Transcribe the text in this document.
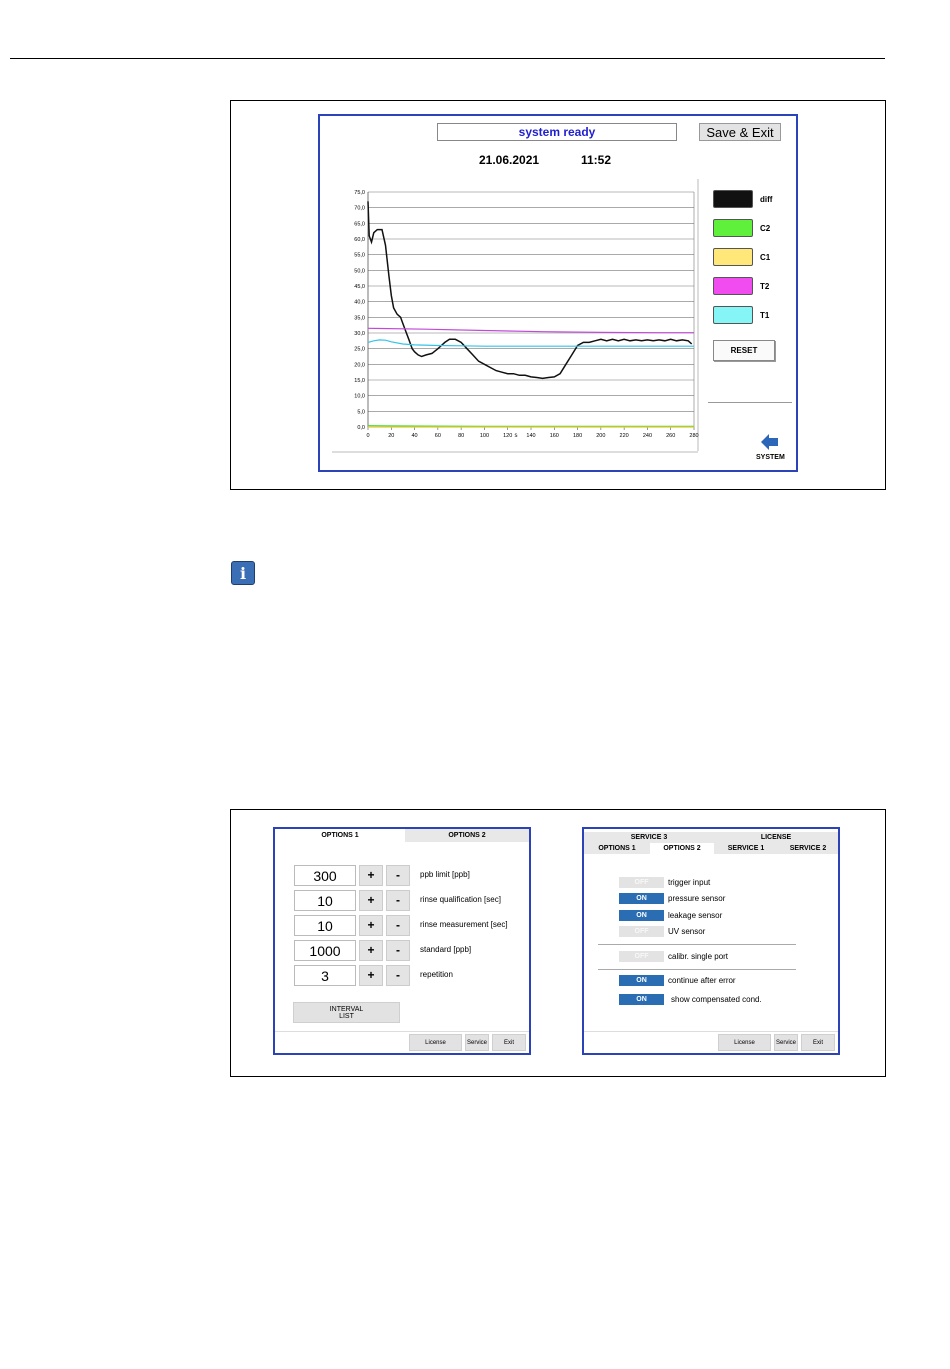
system ready	Save & Exit
21.06.2021	11:52
0,0
5,0
10,0
15,0
20,0
25,0
30,0
35,0
40,0
45,0
50,0
55,0
60,0
65,0
70,0
75,0
0	20	40	60	80	100	120	140	160	180	200	220	240	260	280
s
diff
C2
C1
T2
T1
RESET
SYSTEM
i
OPTIONS 1	OPTIONS 2
300	+	-	ppb limit [ppb]
10	+	-	rinse qualification [sec]
10	+	-	rinse measurement [sec]
1000	+	-	standard [ppb]
3	+	-	repetition
INTERVAL
LIST
License	Service	Exit
SERVICE 3	LICENSE
OPTIONS 1	OPTIONS 2	SERVICE 1	SERVICE 2
OFF	trigger input
ON	pressure sensor
ON	leakage sensor
OFF	UV sensor
OFF	calibr. single port
ON	continue after error
ON	show compensated cond.
License	Service	Exit
